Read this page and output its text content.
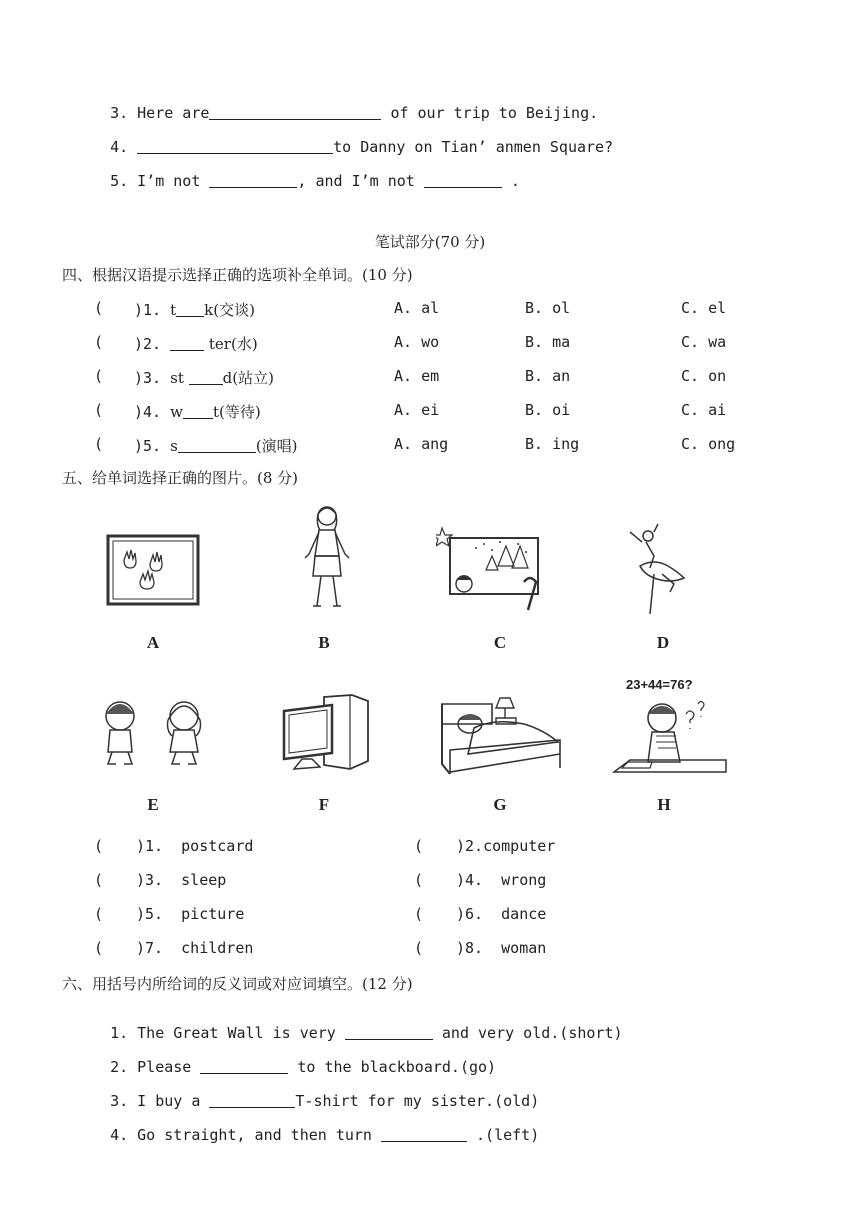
3. Here are	of our trip to Beijing.

4.	to Danny on Tian’ anmen Square?

5. I’m not	, and I’m not	.

笔试部分(70 分)
四、根据汉语提示选择正确的选项补全单词。(10 分)
( )1. t k(交谈)	A. al	B. ol	C. el
( )2.	ter(水)	A. wo	B. ma	C. wa
( )3. st d(站立)	A. em	B. an	C. on
( )4. w t(等待)	A. ei	B. oi	C. ai
( )5. s	(演唱)	A. ang	B. ing	C. ong
五、给单词选择正确的图片。(8 分)
A	B	C	D
E	F	G
23+44=76?
H
( )1.  postcard	( )2.computer
( )3.  sleep	( )4.  wrong
( )5.  picture	( )6.  dance
( )7.  children	( )8.  woman
六、用括号内所给词的反义词或对应词填空。(12 分)

1. The Great Wall is very	and very old.(short)

2. Please	to the blackboard.(go)

3. I buy a	T-shirt for my sister.(old)

4. Go straight, and then turn	.(left)
